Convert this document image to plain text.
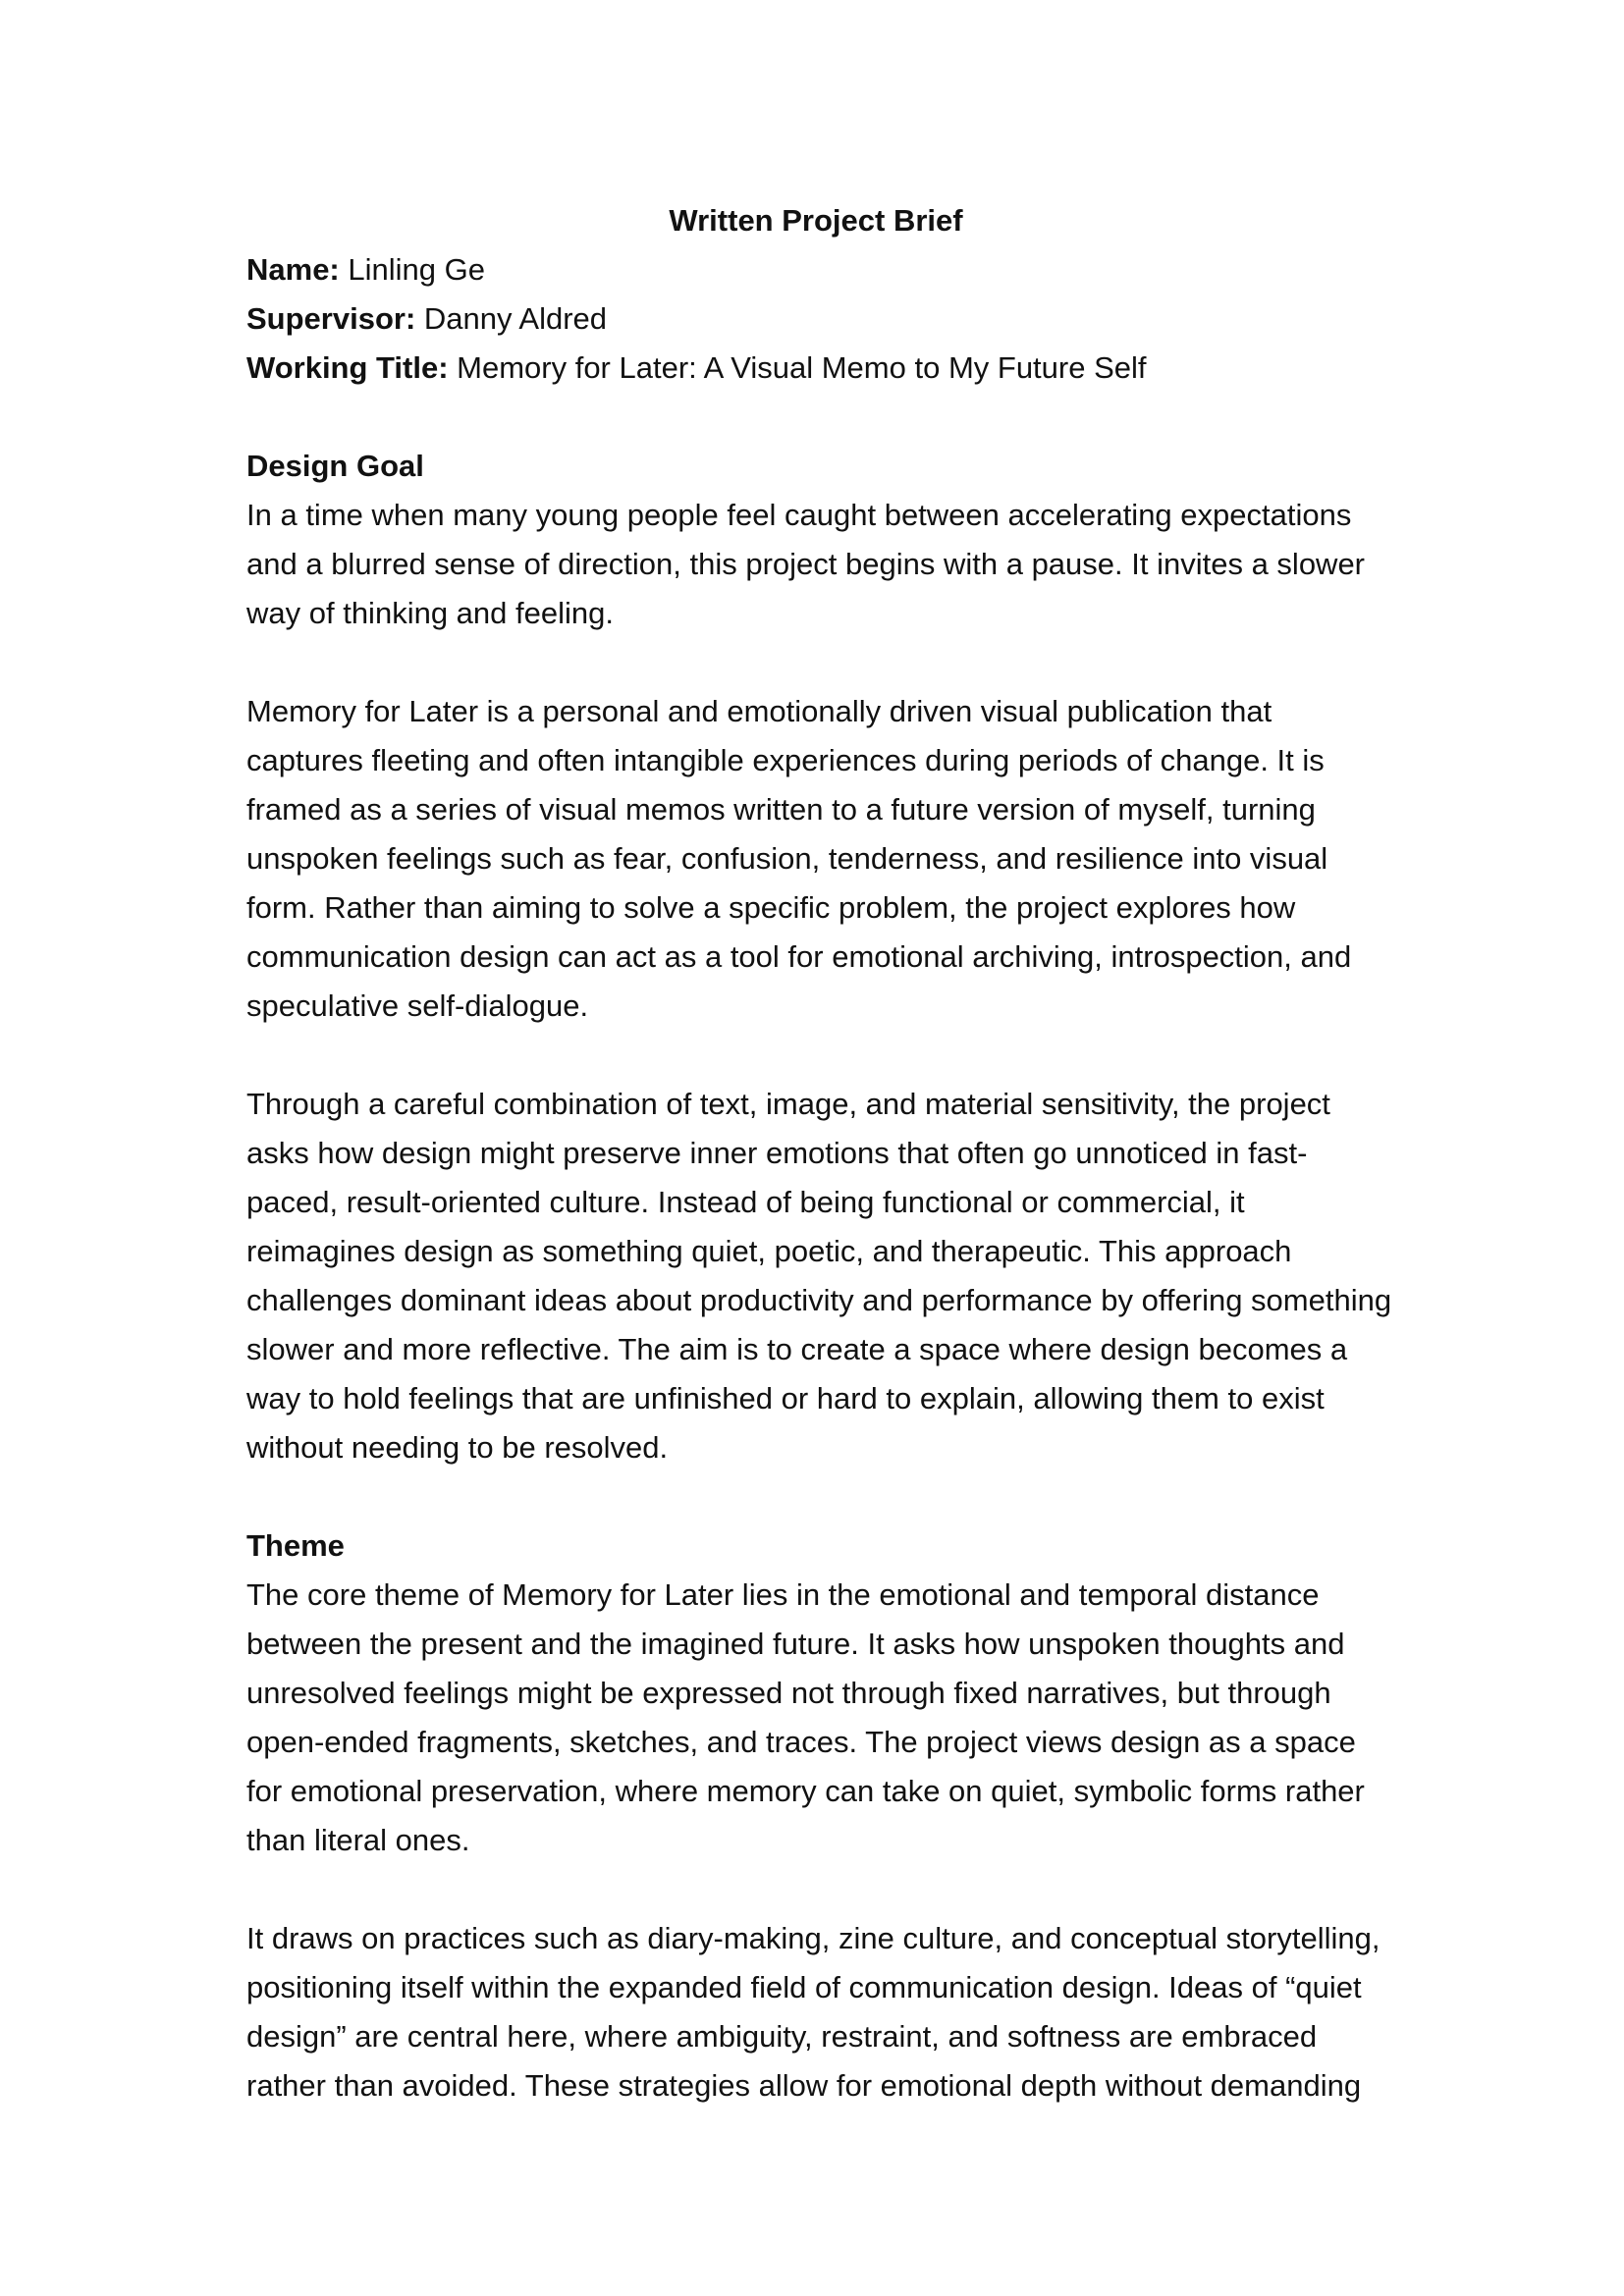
Written Project Brief
Name: Linling Ge
Supervisor: Danny Aldred
Working Title: Memory for Later: A Visual Memo to My Future Self
Design Goal
In a time when many young people feel caught between accelerating expectations
and a blurred sense of direction, this project begins with a pause. It invites a slower
way of thinking and feeling.
Memory for Later is a personal and emotionally driven visual publication that
captures fleeting and often intangible experiences during periods of change. It is
framed as a series of visual memos written to a future version of myself, turning
unspoken feelings such as fear, confusion, tenderness, and resilience into visual
form. Rather than aiming to solve a specific problem, the project explores how
communication design can act as a tool for emotional archiving, introspection, and
speculative self-dialogue.
Through a careful combination of text, image, and material sensitivity, the project
asks how design might preserve inner emotions that often go unnoticed in fast-
paced, result-oriented culture. Instead of being functional or commercial, it
reimagines design as something quiet, poetic, and therapeutic. This approach
challenges dominant ideas about productivity and performance by offering something
slower and more reflective. The aim is to create a space where design becomes a
way to hold feelings that are unfinished or hard to explain, allowing them to exist
without needing to be resolved.
Theme
The core theme of Memory for Later lies in the emotional and temporal distance
between the present and the imagined future. It asks how unspoken thoughts and
unresolved feelings might be expressed not through fixed narratives, but through
open-ended fragments, sketches, and traces. The project views design as a space
for emotional preservation, where memory can take on quiet, symbolic forms rather
than literal ones.
It draws on practices such as diary-making, zine culture, and conceptual storytelling,
positioning itself within the expanded field of communication design. Ideas of “quiet
design” are central here, where ambiguity, restraint, and softness are embraced
rather than avoided. These strategies allow for emotional depth without demanding
